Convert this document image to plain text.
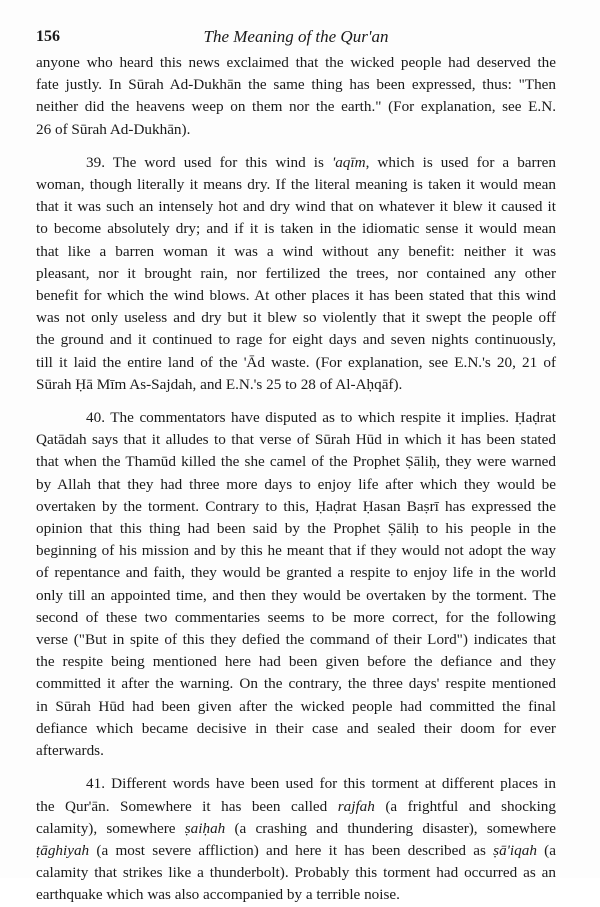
156	The Meaning of the Qur'an
anyone who heard this news exclaimed that the wicked people had deserved the
fate justly. In Sūrah Ad-Dukhān the same thing has been expressed, thus: "Then
neither did the heavens weep on them nor the earth." (For explanation, see E.N.
26 of Sūrah Ad-Dukhān).
39. The word used for this wind is 'aqīm, which is used for a barren
woman, though literally it means dry. If the literal meaning is taken it would mean
that it was such an intensely hot and dry wind that on whatever it blew it caused it
to become absolutely dry; and if it is taken in the idiomatic sense it would mean
that like a barren woman it was a wind without any benefit: neither it was
pleasant, nor it brought rain, nor fertilized the trees, nor contained any other
benefit for which the wind blows. At other places it has been stated that this wind
was not only useless and dry but it blew so violently that it swept the people off
the ground and it continued to rage for eight days and seven nights continuously,
till it laid the entire land of the 'Ād waste. (For explanation, see E.N.'s 20, 21 of
Sūrah Ḥā Mīm As-Sajdah, and E.N.'s 25 to 28 of Al-Aḥqāf).
40. The commentators have disputed as to which respite it implies. Ḥaḍrat
Qatādah says that it alludes to that verse of Sūrah Hūd in which it has been stated
that when the Thamūd killed the she camel of the Prophet Ṣāliḥ, they were warned
by Allah that they had three more days to enjoy life after which they would be
overtaken by the torment. Contrary to this, Ḥaḍrat Ḥasan Baṣrī has expressed the
opinion that this thing had been said by the Prophet Ṣāliḥ to his people in the
beginning of his mission and by this he meant that if they would not adopt the way
of repentance and faith, they would be granted a respite to enjoy life in the world
only till an appointed time, and then they would be overtaken by the torment. The
second of these two commentaries seems to be more correct, for the following
verse ("But in spite of this they defied the command of their Lord") indicates that
the respite being mentioned here had been given before the defiance and they
committed it after the warning. On the contrary, the three days' respite mentioned
in Sūrah Hūd had been given after the wicked people had committed the final
defiance which became decisive in their case and sealed their doom for ever
afterwards.
41. Different words have been used for this torment at different places in
the Qur'ān. Somewhere it has been called rajfah (a frightful and shocking
calamity), somewhere ṣaiḥah (a crashing and thundering disaster), somewhere
ṭāghiyah (a most severe affliction) and here it has been described as ṣā'iqah (a
calamity that strikes like a thunderbolt). Probably this torment had occurred as an
earthquake which was also accompanied by a terrible noise.
